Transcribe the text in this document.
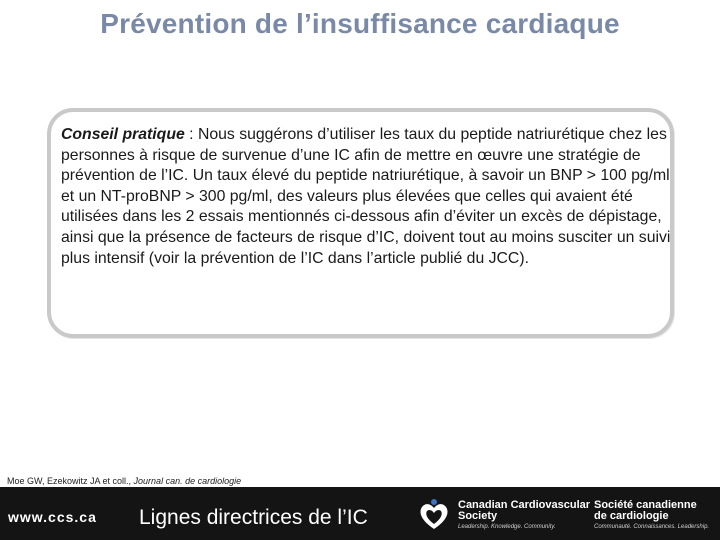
Prévention de l’insuffisance cardiaque
Conseil pratique : Nous suggérons d’utiliser les taux du peptide natriurétique chez les personnes à risque de survenue d’une IC afin de mettre en œuvre une stratégie de prévention de l’IC. Un taux élevé du peptide natriurétique, à savoir un BNP > 100 pg/ml et un NT-proBNP > 300 pg/ml, des valeurs plus élevées que celles qui avaient été utilisées dans les 2 essais mentionnés ci-dessous afin d’éviter un excès de dépistage, ainsi que la présence de facteurs de risque d’IC, doivent tout au moins susciter un suivi plus intensif (voir la prévention de l’IC dans l’article publié du JCC).
Moe GW, Ezekowitz JA et coll., Journal can. de cardiologie
www.ccs.ca Lignes directrices de l’IC
Canadian Cardiovascular
Society
Leadership. Knowledge. Community.
Société canadienne
de cardiologie
Communauté. Connaissances. Leadership.
